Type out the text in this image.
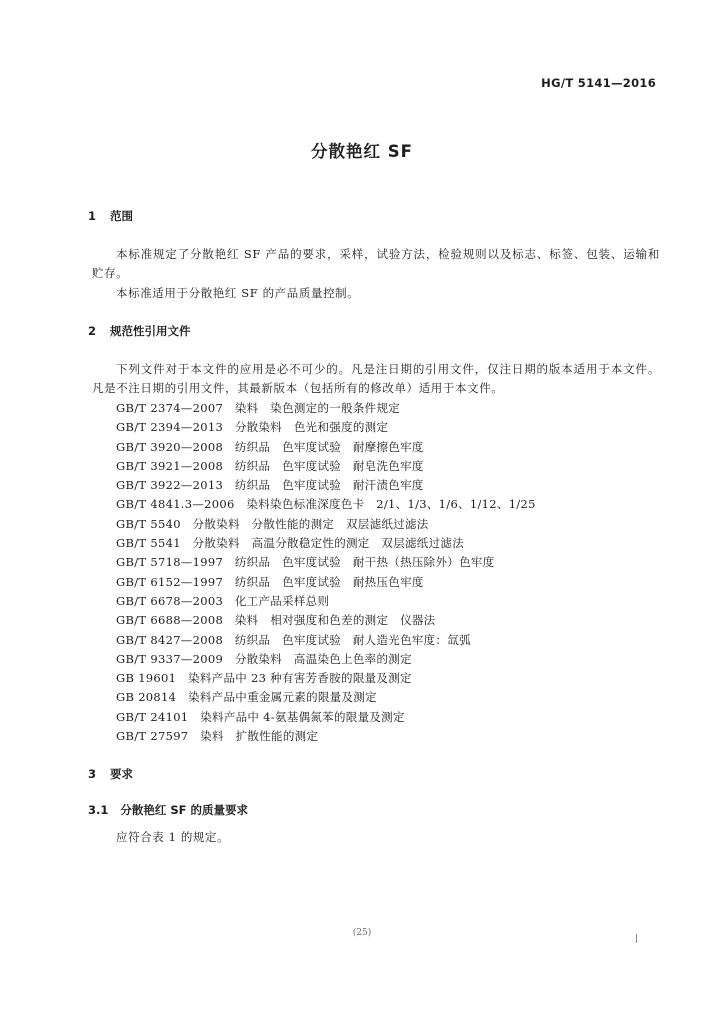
HG/T 5141—2016
分散艳红 SF
1 范围

本标准规定了分散艳红 SF 产品的要求，采样，试验方法，检验规则以及标志、标签、包装、运输和贮存。

本标准适用于分散艳红 SF 的产品质量控制。

2 规范性引用文件

下列文件对于本文件的应用是必不可少的。凡是注日期的引用文件，仅注日期的版本适用于本文件。凡是不注日期的引用文件，其最新版本（包括所有的修改单）适用于本文件。

GB/T 2374—2007　染料　染色测定的一般条件规定
GB/T 2394—2013　分散染料　色光和强度的测定
GB/T 3920—2008　纺织品　色牢度试验　耐摩擦色牢度
GB/T 3921—2008　纺织品　色牢度试验　耐皂洗色牢度
GB/T 3922—2013　纺织品　色牢度试验　耐汗渍色牢度
GB/T 4841.3—2006　染料染色标准深度色卡　2/1、1/3、1/6、1/12、1/25
GB/T 5540　分散染料　分散性能的测定　双层滤纸过滤法
GB/T 5541　分散染料　高温分散稳定性的测定　双层滤纸过滤法
GB/T 5718—1997　纺织品　色牢度试验　耐干热（热压除外）色牢度
GB/T 6152—1997　纺织品　色牢度试验　耐热压色牢度
GB/T 6678—2003　化工产品采样总则
GB/T 6688—2008　染料　相对强度和色差的测定　仪器法
GB/T 8427—2008　纺织品　色牢度试验　耐人造光色牢度：氙弧
GB/T 9337—2009　分散染料　高温染色上色率的测定
GB 19601　染料产品中 23 种有害芳香胺的限量及测定
GB 20814　染料产品中重金属元素的限量及测定
GB/T 24101　染料产品中 4-氨基偶氮苯的限量及测定
GB/T 27597　染料　扩散性能的测定
3 要求
3.1 分散艳红 SF 的质量要求

应符合表 1 的规定。

(25)
